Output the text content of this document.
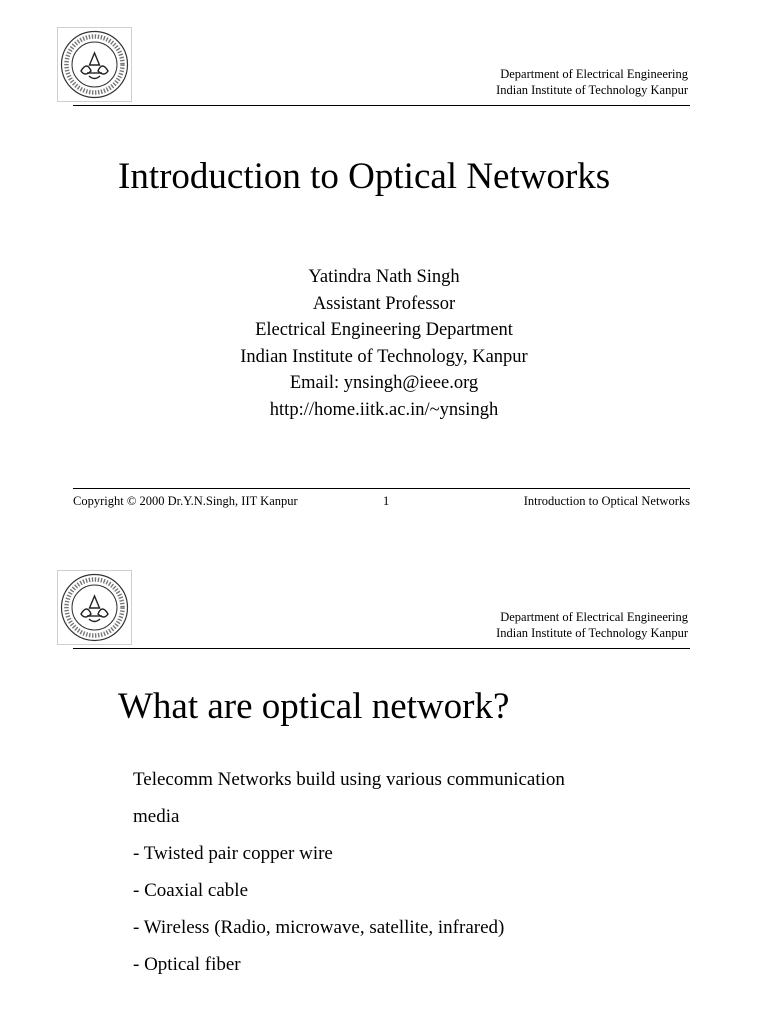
Department of Electrical Engineering
Indian Institute of Technology Kanpur
Introduction to Optical Networks
Yatindra Nath Singh
Assistant Professor
Electrical Engineering Department
Indian Institute of Technology, Kanpur
Email: ynsingh@ieee.org
http://home.iitk.ac.in/~ynsingh
Copyright © 2000 Dr.Y.N.Singh, IIT Kanpur	1	Introduction to Optical Networks
Department of Electrical Engineering
Indian Institute of Technology Kanpur
What are optical network?
Telecomm Networks build using various communication
media
- Twisted pair copper wire
- Coaxial cable
- Wireless (Radio, microwave, satellite, infrared)
- Optical fiber
